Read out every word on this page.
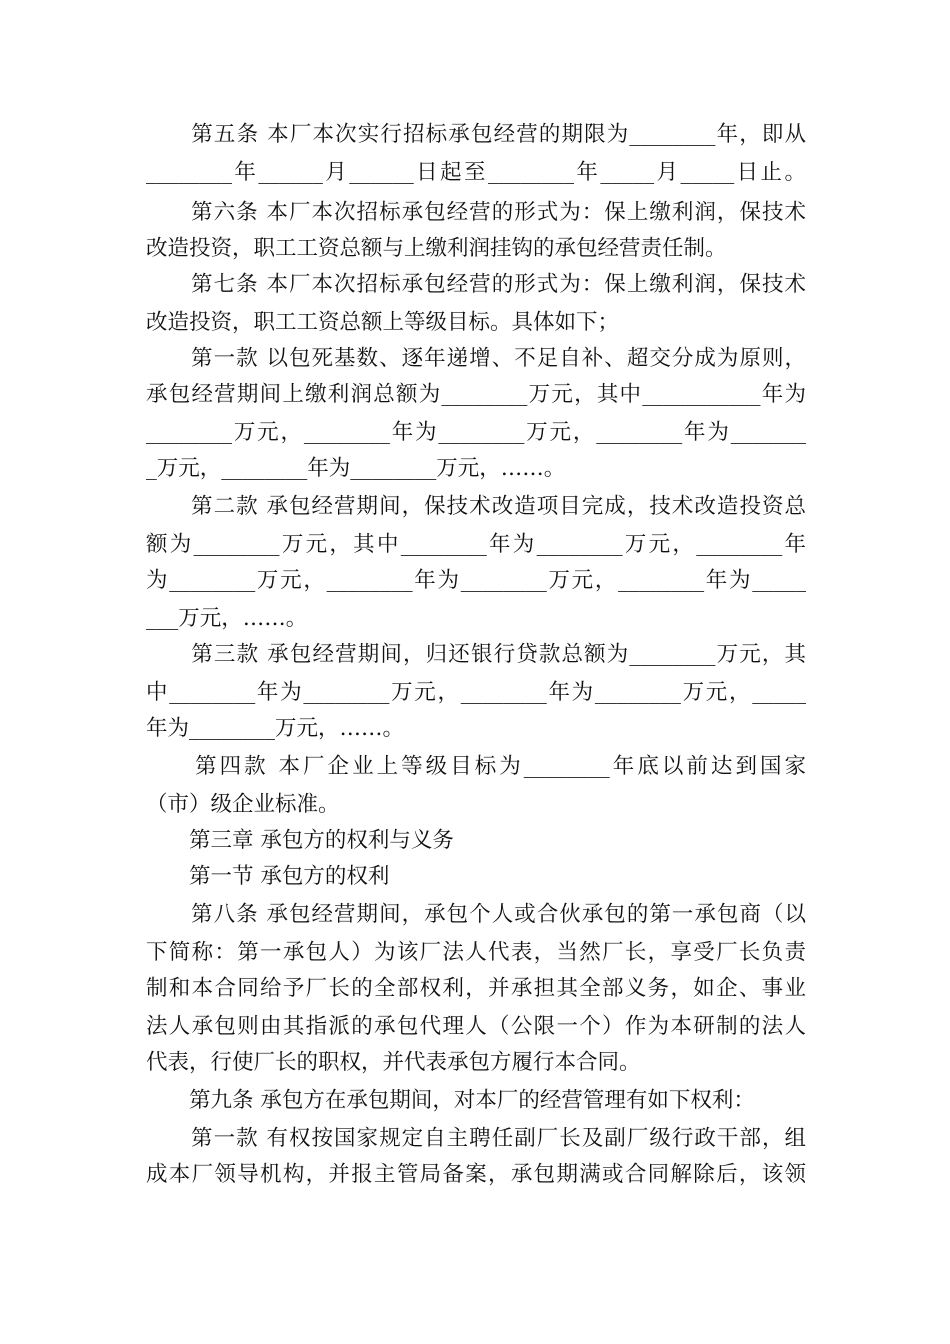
　　第五条 本厂本次实行招标承包经营的期限为________年，即从
________年______月______日起至________年_____月_____日止。
　　第六条 本厂本次招标承包经营的形式为：保上缴利润，保技术
改造投资，职工工资总额与上缴利润挂钩的承包经营责任制。
　　第七条 本厂本次招标承包经营的形式为：保上缴利润，保技术
改造投资，职工工资总额上等级目标。具体如下；
　　第一款 以包死基数、逐年递增、不足自补、超交分成为原则，
承包经营期间上缴利润总额为________万元，其中___________年为
________万元，________年为________万元，________年为_______
_万元，________年为________万元，……。
　　第二款 承包经营期间，保技术改造项目完成，技术改造投资总
额为________万元，其中________年为________万元，________年
为________万元，________年为________万元，________年为_____
___万元，……。
　　第三款 承包经营期间，归还银行贷款总额为________万元，其
中________年为________万元，________年为________万元，_____
年为________万元，……。
　　第四款 本厂企业上等级目标为________年底以前达到国家
（市）级企业标准。
　　第三章 承包方的权利与义务
　　第一节 承包方的权利
　　第八条 承包经营期间，承包个人或合伙承包的第一承包商（以
下简称：第一承包人）为该厂法人代表，当然厂长，享受厂长负责
制和本合同给予厂长的全部权利，并承担其全部义务，如企、事业
法人承包则由其指派的承包代理人（公限一个）作为本研制的法人
代表，行使厂长的职权，并代表承包方履行本合同。
　　第九条 承包方在承包期间，对本厂的经营管理有如下权利：
　　第一款 有权按国家规定自主聘任副厂长及副厂级行政干部，组
成本厂领导机构，并报主管局备案，承包期满或合同解除后，该领
